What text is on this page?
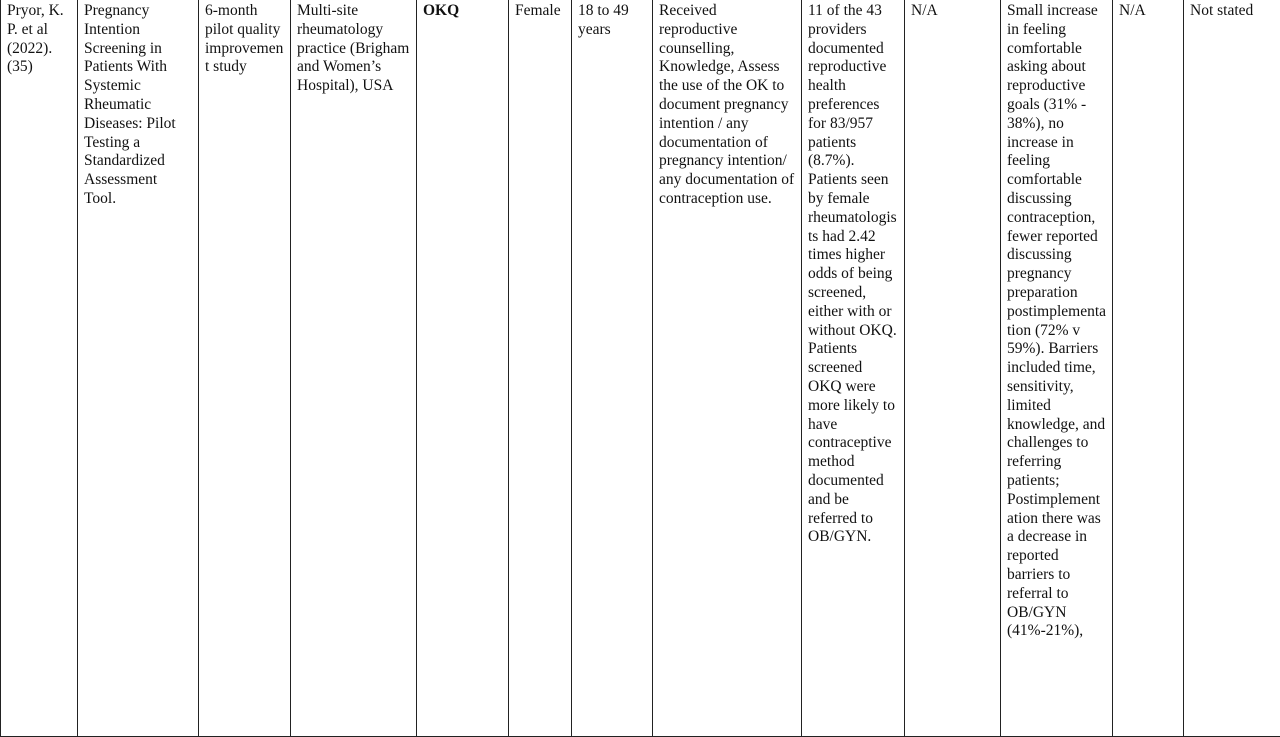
Pryor, K. P. et al (2022). (35)	Pregnancy Intention Screening in Patients With Systemic Rheumatic Diseases: Pilot Testing a Standardized Assessment Tool.	6-month pilot quality improvement study	Multi-site rheumatology practice (Brigham and Women’s Hospital), USA	OKQ	Female	18 to 49 years	Received reproductive counselling, Knowledge, Assess the use of the OK to document pregnancy intention / any documentation of pregnancy intention/ any documentation of contraception use.	11 of the 43 providers documented reproductive health preferences for 83/957 patients (8.7%). Patients seen by female rheumatologists had 2.42 times higher odds of being screened, either with or without OKQ. Patients screened OKQ were more likely to have contraceptive method documented and be referred to OB/GYN.	N/A	Small increase in feeling comfortable asking about reproductive goals (31% - 38%), no increase in feeling comfortable discussing contraception, fewer reported discussing pregnancy preparation postimplementation (72% v 59%). Barriers included time, sensitivity, limited knowledge, and challenges to referring patients; Postimplementation there was a decrease in reported barriers to referral to OB/GYN (41%-21%),	N/A	Not stated
